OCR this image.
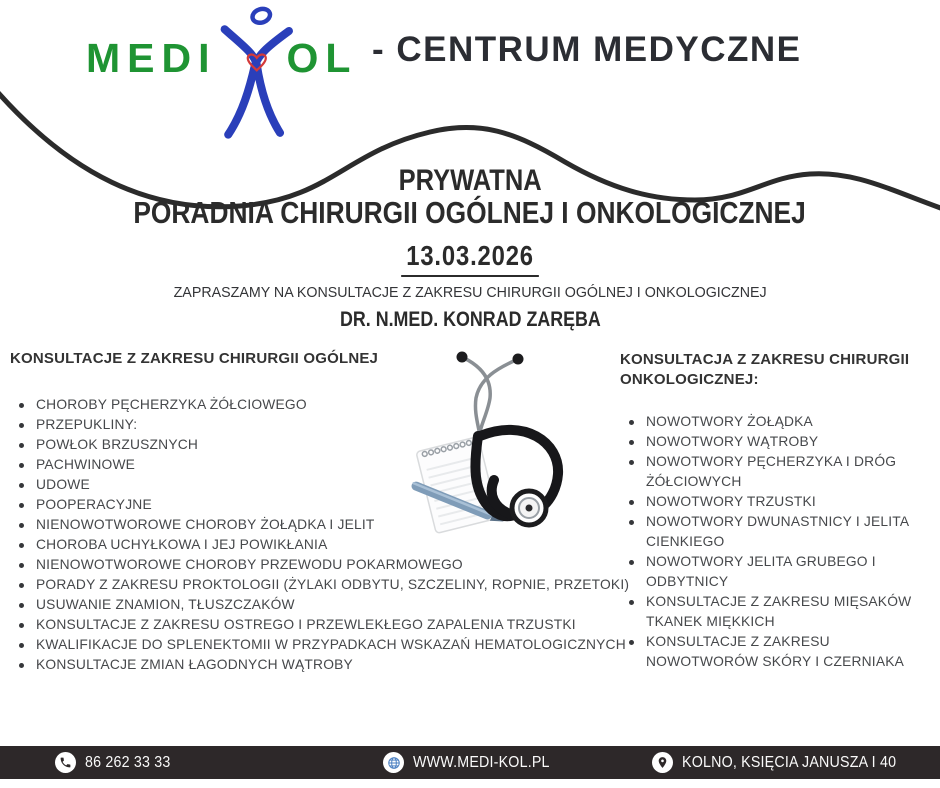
MEDI OL - CENTRUM MEDYCZNE
PRYWATNA
PORADNIA CHIRURGII OGÓLNEJ I ONKOLOGICZNEJ
13.03.2026
ZAPRASZAMY NA KONSULTACJE Z ZAKRESU CHIRURGII OGÓLNEJ I ONKOLOGICZNEJ
DR. N.MED. KONRAD ZARĘBA
KONSULTACJE Z ZAKRESU CHIRURGII OGÓLNEJ
CHOROBY PĘCHERZYKA ŻÓŁCIOWEGO
PRZEPUKLINY:
POWŁOK BRZUSZNYCH
PACHWINOWE
UDOWE
POOPERACYJNE
NIENOWOTWOROWE CHOROBY ŻOŁĄDKA I JELIT
CHOROBA UCHYŁKOWA I JEJ POWIKŁANIA
NIENOWOTWOROWE CHOROBY PRZEWODU POKARMOWEGO
PORADY Z ZAKRESU PROKTOLOGII (ŻYLAKI ODBYTU, SZCZELINY, ROPNIE, PRZETOKI)
USUWANIE ZNAMION, TŁUSZCZAKÓW
KONSULTACJE Z ZAKRESU OSTREGO I PRZEWLEKŁEGO ZAPALENIA TRZUSTKI
KWALIFIKACJE DO SPLENEKTOMII W PRZYPADKACH WSKAZAŃ HEMATOLOGICZNYCH
KONSULTACJE ZMIAN ŁAGODNYCH WĄTROBY
KONSULTACJA Z ZAKRESU CHIRURGII
ONKOLOGICZNEJ:
NOWOTWORY ŻOŁĄDKA
NOWOTWORY WĄTROBY
NOWOTWORY PĘCHERZYKA I DRÓG ŻÓŁCIOWYCH
NOWOTWORY TRZUSTKI
NOWOTWORY DWUNASTNICY I JELITA CIENKIEGO
NOWOTWORY JELITA GRUBEGO I ODBYTNICY
KONSULTACJE Z ZAKRESU MIĘSAKÓW TKANEK MIĘKKICH
KONSULTACJE Z ZAKRESU NOWOTWORÓW SKÓRY I CZERNIAKA
86 262 33 33	WWW.MEDI-KOL.PL	KOLNO, KSIĘCIA JANUSZA I 40
